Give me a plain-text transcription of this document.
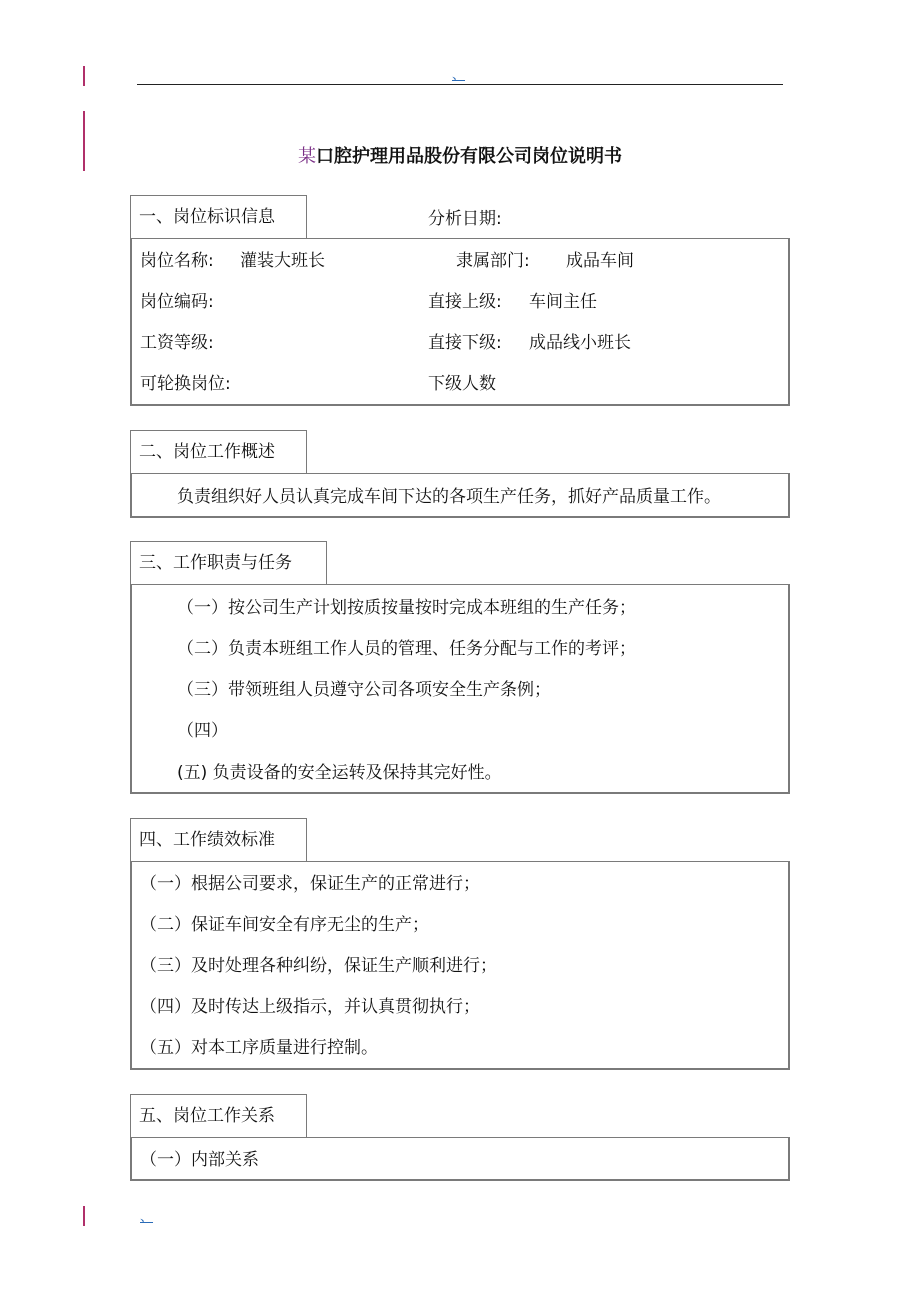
、
某口腔护理用品股份有限公司岗位说明书
一、岗位标识信息	分析日期:
岗位名称: 灌装大班长	隶属部门: 成品车间
岗位编码:	直接上级: 车间主任
工资等级:	直接下级: 成品线小班长
可轮换岗位:	下级人数
二、岗位工作概述
负责组织好人员认真完成车间下达的各项生产任务，抓好产品质量工作。
三、工作职责与任务
（一）按公司生产计划按质按量按时完成本班组的生产任务；
（二）负责本班组工作人员的管理、任务分配与工作的考评；
（三）带领班组人员遵守公司各项安全生产条例；
（四）
(五) 负责设备的安全运转及保持其完好性。
四、工作绩效标准
（一）根据公司要求，保证生产的正常进行；
（二）保证车间安全有序无尘的生产；
（三）及时处理各种纠纷，保证生产顺利进行；
（四）及时传达上级指示，并认真贯彻执行；
（五）对本工序质量进行控制。
五、岗位工作关系
（一）内部关系
、
